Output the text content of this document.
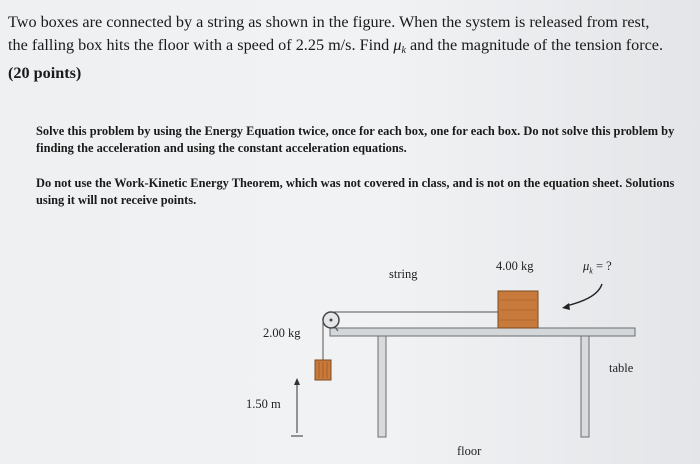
Two boxes are connected by a string as shown in the figure. When the system is released from rest, the falling box hits the floor with a speed of 2.25 m/s. Find μk and the magnitude of the tension force. (20 points)
Solve this problem by using the Energy Equation twice, once for each box, one for each box. Do not solve this problem by finding the acceleration and using the constant acceleration equations.
Do not use the Work-Kinetic Energy Theorem, which was not covered in class, and is not on the equation sheet. Solutions using it will not receive points.
string
4.00 kg	$\mu_k$ = ?
2.00 kg
1.50 m
table
floor
